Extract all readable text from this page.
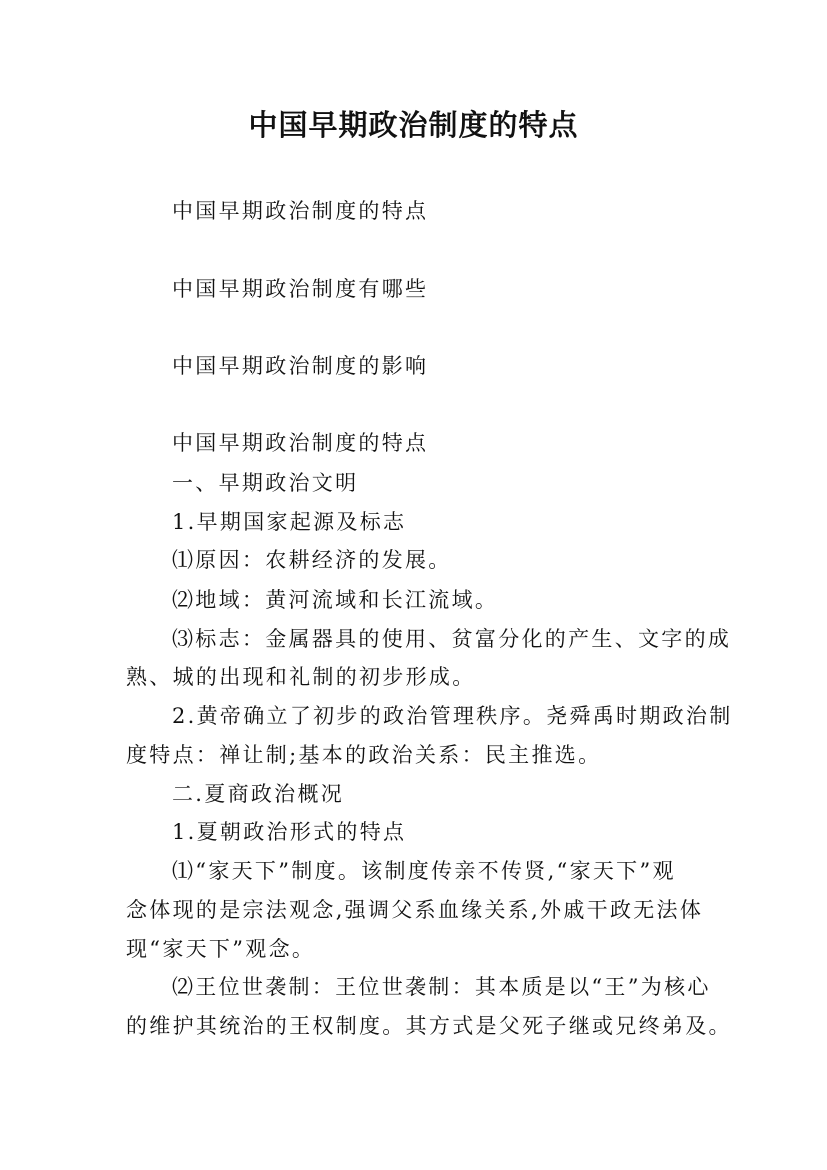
中国早期政治制度的特点

中国早期政治制度的特点

中国早期政治制度有哪些

中国早期政治制度的影响

中国早期政治制度的特点

一、早期政治文明

1.早期国家起源及标志

⑴原因：农耕经济的发展。

⑵地域：黄河流域和长江流域。

⑶标志：金属器具的使用、贫富分化的产生、文字的成

熟、城的出现和礼制的初步形成。

2.黄帝确立了初步的政治管理秩序。尧舜禹时期政治制

度特点：禅让制;基本的政治关系：民主推选。

二.夏商政治概况

1.夏朝政治形式的特点

⑴“家天下”制度。该制度传亲不传贤,“家天下”观

念体现的是宗法观念,强调父系血缘关系,外戚干政无法体

现“家天下”观念。

⑵王位世袭制：王位世袭制：其本质是以“王”为核心

的维护其统治的王权制度。其方式是父死子继或兄终弟及。
